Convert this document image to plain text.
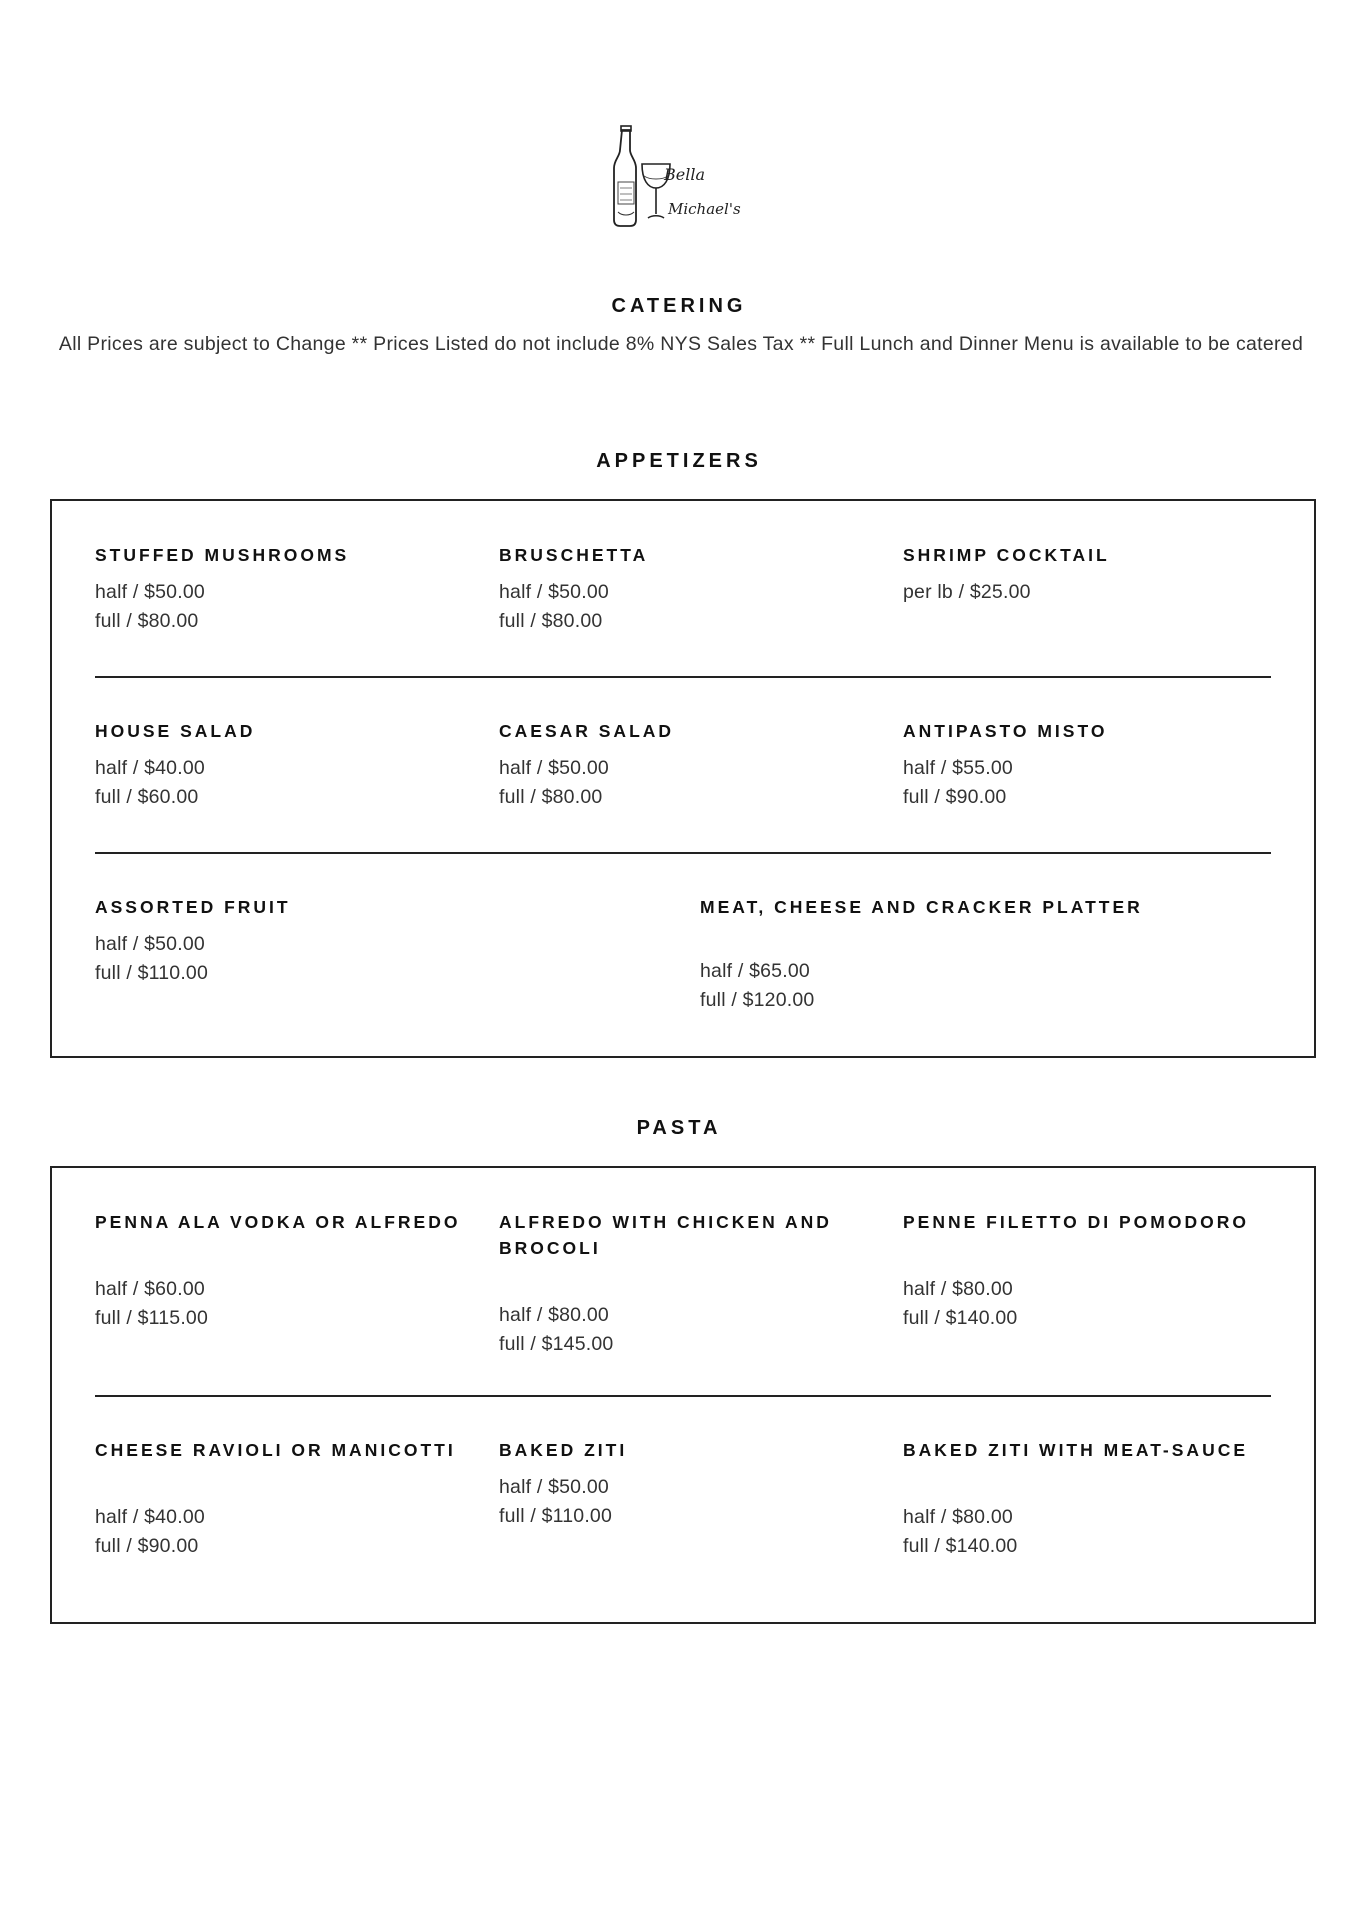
Bella
Michael's
CATERING
All Prices are subject to Change ** Prices Listed do not include 8% NYS Sales Tax ** Full Lunch and Dinner Menu is available to be catered
APPETIZERS
STUFFED MUSHROOMS
half / $50.00
full / $80.00
BRUSCHETTA
half / $50.00
full / $80.00
SHRIMP COCKTAIL
per lb / $25.00
HOUSE SALAD
half / $40.00
full / $60.00
CAESAR SALAD
half / $50.00
full / $80.00
ANTIPASTO MISTO
half / $55.00
full / $90.00
ASSORTED FRUIT
half / $50.00
full / $110.00
MEAT, CHEESE AND CRACKER PLATTER
half / $65.00
full / $120.00
PASTA
PENNA ALA VODKA OR ALFREDO
half / $60.00
full / $115.00
ALFREDO WITH CHICKEN AND BROCOLI
half / $80.00
full / $145.00
PENNE FILETTO DI POMODORO
half / $80.00
full / $140.00
CHEESE RAVIOLI OR MANICOTTI
half / $40.00
full / $90.00
BAKED ZITI
half / $50.00
full / $110.00
BAKED ZITI WITH MEAT-SAUCE
half / $80.00
full / $140.00
